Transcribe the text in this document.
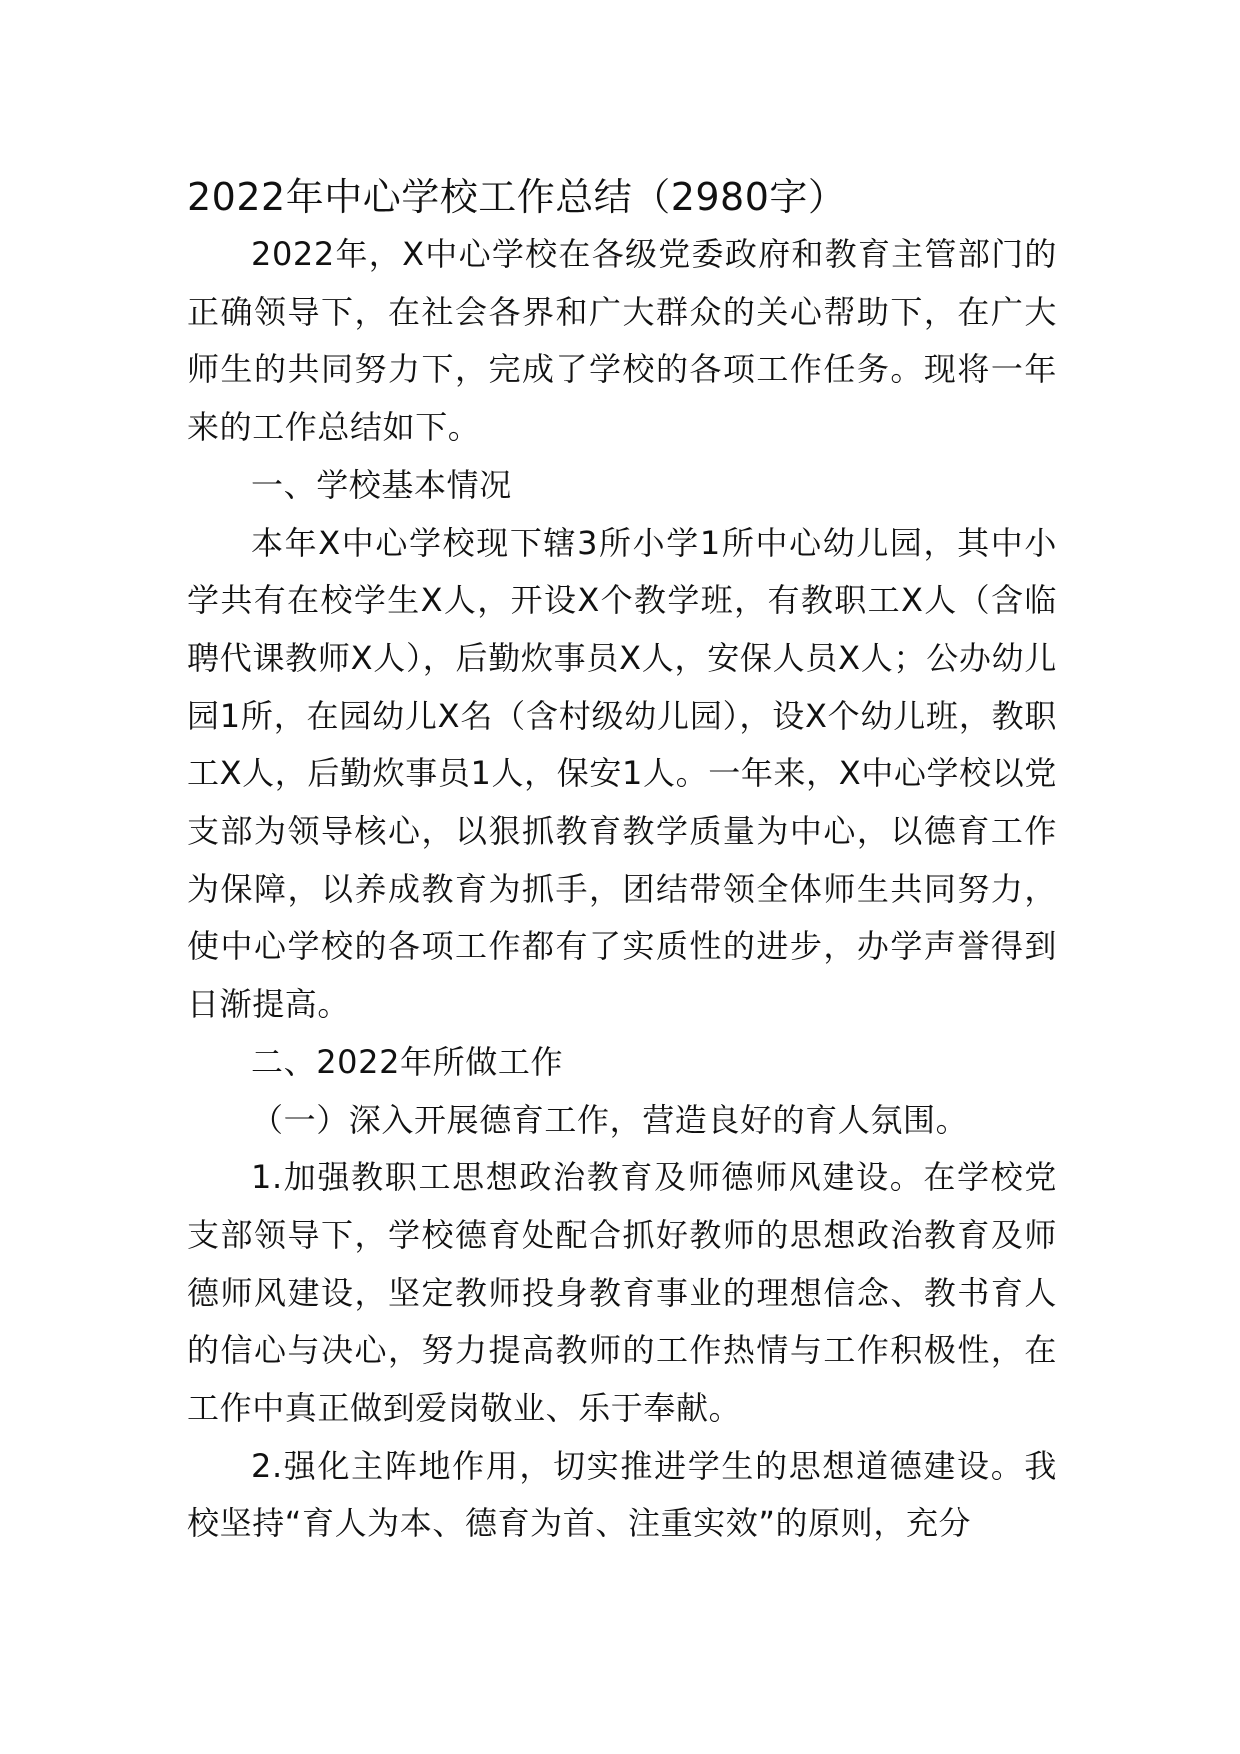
2022年中心学校工作总结（2980字）

2022年，X中心学校在各级党委政府和教育主管部门的正确领导下，在社会各界和广大群众的关心帮助下，在广大师生的共同努力下，完成了学校的各项工作任务。现将一年来的工作总结如下。

一、学校基本情况

本年X中心学校现下辖3所小学1所中心幼儿园，其中小学共有在校学生X人，开设X个教学班，有教职工X人（含临聘代课教师X人），后勤炊事员X人，安保人员X人；公办幼儿园1所，在园幼儿X名（含村级幼儿园），设X个幼儿班，教职工X人，后勤炊事员1人，保安1人。一年来，X中心学校以党支部为领导核心，以狠抓教育教学质量为中心，以德育工作为保障，以养成教育为抓手，团结带领全体师生共同努力，使中心学校的各项工作都有了实质性的进步，办学声誉得到日渐提高。

二、2022年所做工作

（一）深入开展德育工作，营造良好的育人氛围。

1.加强教职工思想政治教育及师德师风建设。在学校党支部领导下，学校德育处配合抓好教师的思想政治教育及师德师风建设，坚定教师投身教育事业的理想信念、教书育人的信心与决心，努力提高教师的工作热情与工作积极性，在工作中真正做到爱岗敬业、乐于奉献。

2.强化主阵地作用，切实推进学生的思想道德建设。我校坚持“育人为本、德育为首、注重实效”的原则，充分
